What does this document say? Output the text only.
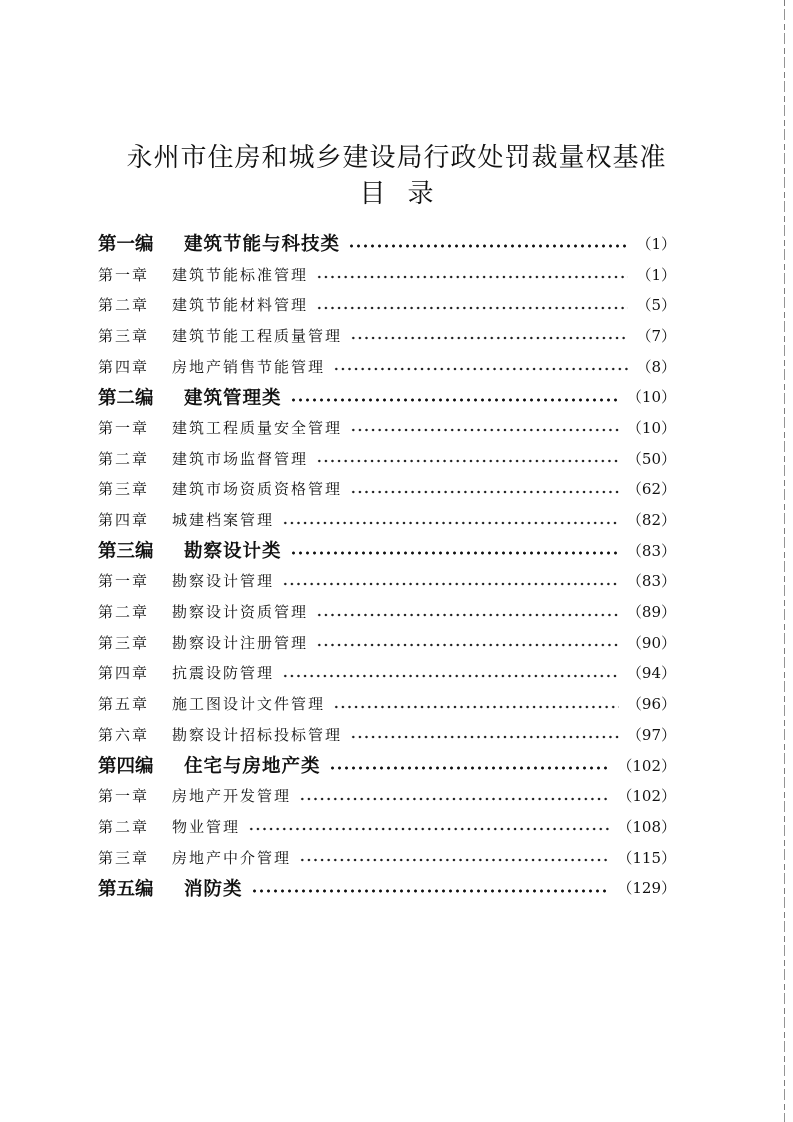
永州市住房和城乡建设局行政处罚裁量权基准
目录
第一编	建筑节能与科技类	（1）
第一章	建筑节能标准管理	（1）
第二章	建筑节能材料管理	（5）
第三章	建筑节能工程质量管理	（7）
第四章	房地产销售节能管理	（8）
第二编	建筑管理类	（10）
第一章	建筑工程质量安全管理	（10）
第二章	建筑市场监督管理	（50）
第三章	建筑市场资质资格管理	（62）
第四章	城建档案管理	（82）
第三编	勘察设计类	（83）
第一章	勘察设计管理	（83）
第二章	勘察设计资质管理	（89）
第三章	勘察设计注册管理	（90）
第四章	抗震设防管理	（94）
第五章	施工图设计文件管理	（96）
第六章	勘察设计招标投标管理	（97）
第四编	住宅与房地产类	（102）
第一章	房地产开发管理	（102）
第二章	物业管理	（108）
第三章	房地产中介管理	（115）
第五编	消防类	（129）
